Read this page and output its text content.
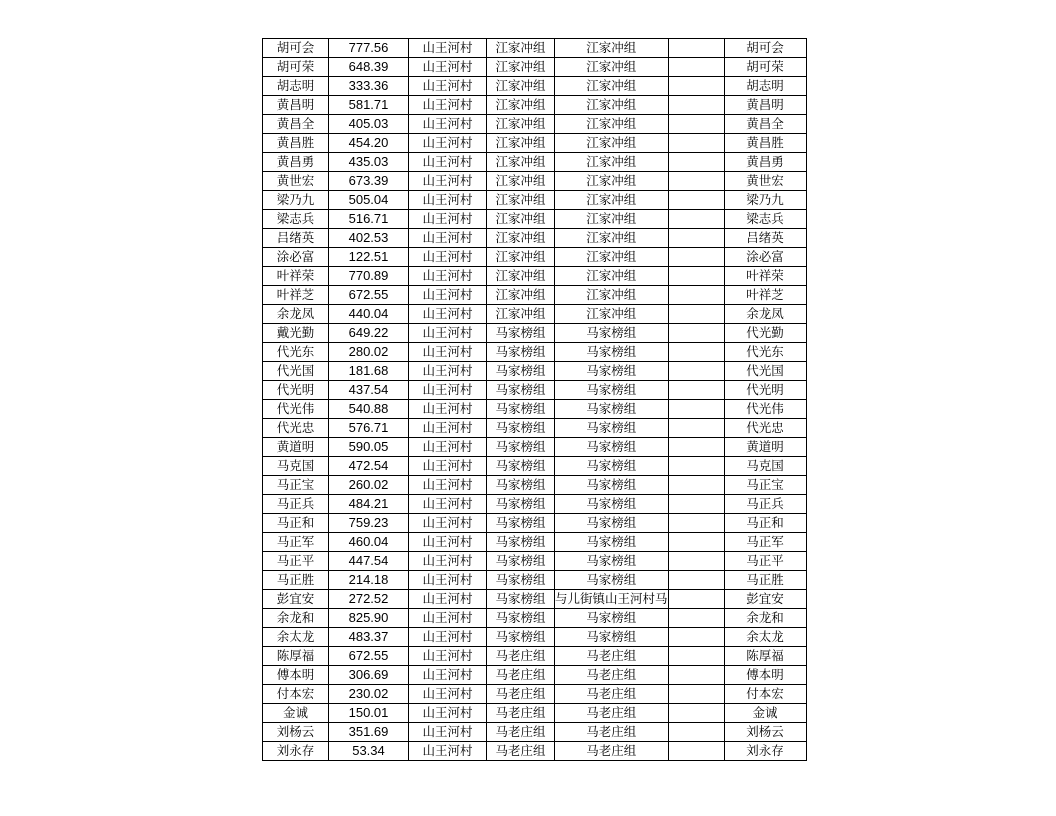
胡可会	777.56	山王河村	江家冲组	江家冲组		胡可会
胡可荣	648.39	山王河村	江家冲组	江家冲组		胡可荣
胡志明	333.36	山王河村	江家冲组	江家冲组		胡志明
黄昌明	581.71	山王河村	江家冲组	江家冲组		黄昌明
黄昌全	405.03	山王河村	江家冲组	江家冲组		黄昌全
黄昌胜	454.20	山王河村	江家冲组	江家冲组		黄昌胜
黄昌勇	435.03	山王河村	江家冲组	江家冲组		黄昌勇
黄世宏	673.39	山王河村	江家冲组	江家冲组		黄世宏
梁乃九	505.04	山王河村	江家冲组	江家冲组		梁乃九
梁志兵	516.71	山王河村	江家冲组	江家冲组		梁志兵
吕绪英	402.53	山王河村	江家冲组	江家冲组		吕绪英
涂必富	122.51	山王河村	江家冲组	江家冲组		涂必富
叶祥荣	770.89	山王河村	江家冲组	江家冲组		叶祥荣
叶祥芝	672.55	山王河村	江家冲组	江家冲组		叶祥芝
余龙凤	440.04	山王河村	江家冲组	江家冲组		余龙凤
戴光勤	649.22	山王河村	马家榜组	马家榜组		代光勤
代光东	280.02	山王河村	马家榜组	马家榜组		代光东
代光国	181.68	山王河村	马家榜组	马家榜组		代光国
代光明	437.54	山王河村	马家榜组	马家榜组		代光明
代光伟	540.88	山王河村	马家榜组	马家榜组		代光伟
代光忠	576.71	山王河村	马家榜组	马家榜组		代光忠
黄道明	590.05	山王河村	马家榜组	马家榜组		黄道明
马克国	472.54	山王河村	马家榜组	马家榜组		马克国
马正宝	260.02	山王河村	马家榜组	马家榜组		马正宝
马正兵	484.21	山王河村	马家榜组	马家榜组		马正兵
马正和	759.23	山王河村	马家榜组	马家榜组		马正和
马正军	460.04	山王河村	马家榜组	马家榜组		马正军
马正平	447.54	山王河村	马家榜组	马家榜组		马正平
马正胜	214.18	山王河村	马家榜组	马家榜组		马正胜
彭宜安	272.52	山王河村	马家榜组	与儿街镇山王河村马		彭宜安
余龙和	825.90	山王河村	马家榜组	马家榜组		余龙和
余太龙	483.37	山王河村	马家榜组	马家榜组		余太龙
陈厚福	672.55	山王河村	马老庄组	马老庄组		陈厚福
傅本明	306.69	山王河村	马老庄组	马老庄组		傅本明
付本宏	230.02	山王河村	马老庄组	马老庄组		付本宏
金诚	150.01	山王河村	马老庄组	马老庄组		金诚
刘杨云	351.69	山王河村	马老庄组	马老庄组		刘杨云
刘永存	53.34	山王河村	马老庄组	马老庄组		刘永存
